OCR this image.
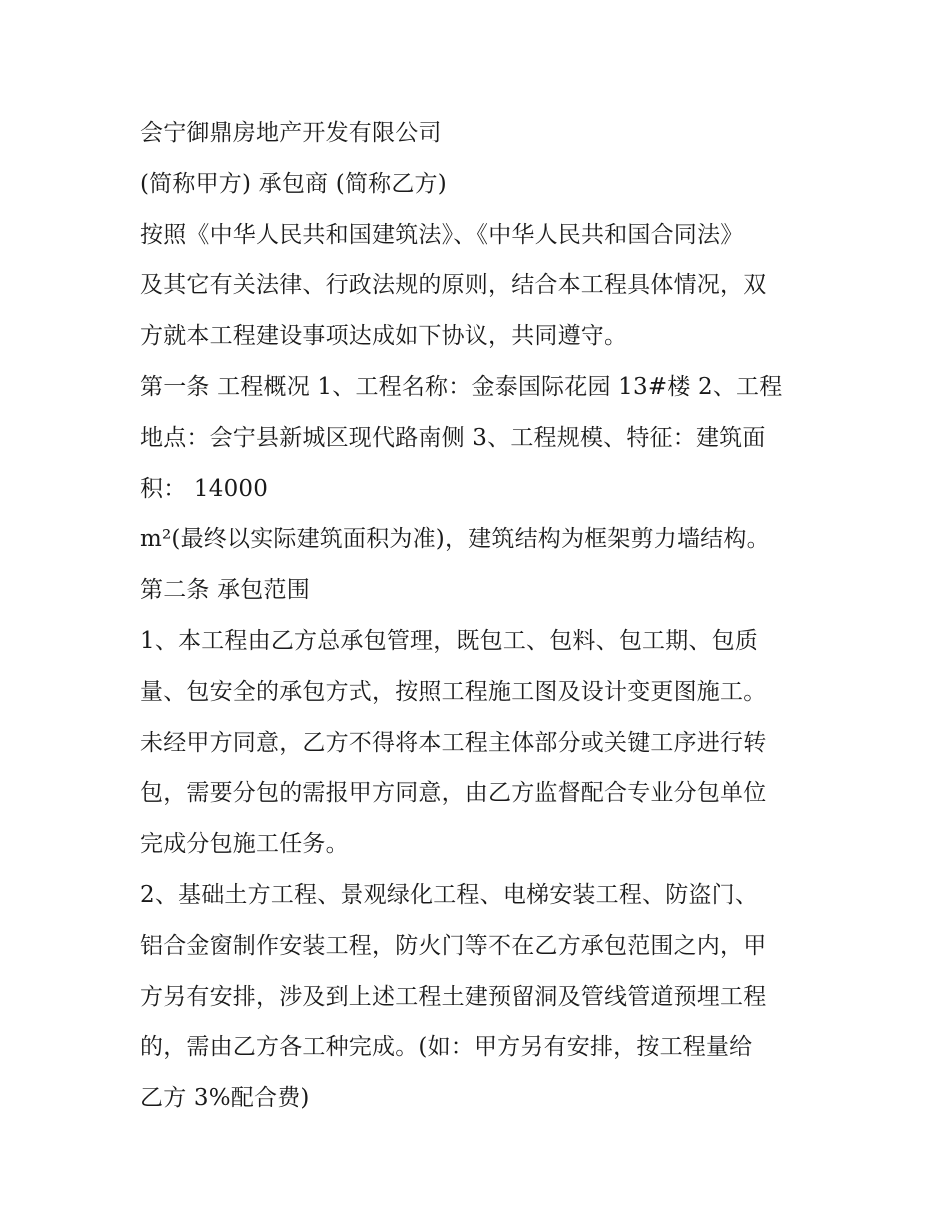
会宁御鼎房地产开发有限公司
(简称甲方) 承包商 (简称乙方)
按照《中华人民共和国建筑法》、《中华人民共和国合同法》
及其它有关法律、行政法规的原则，结合本工程具体情况，双
方就本工程建设事项达成如下协议，共同遵守。
第一条 工程概况 1、工程名称：金泰国际花园 13#楼 2、工程
地点：会宁县新城区现代路南侧 3、工程规模、特征：建筑面
积： 14000
m²(最终以实际建筑面积为准)，建筑结构为框架剪力墙结构。
第二条 承包范围
1、本工程由乙方总承包管理，既包工、包料、包工期、包质
量、包安全的承包方式，按照工程施工图及设计变更图施工。
未经甲方同意，乙方不得将本工程主体部分或关键工序进行转
包，需要分包的需报甲方同意，由乙方监督配合专业分包单位
完成分包施工任务。
2、基础土方工程、景观绿化工程、电梯安装工程、防盗门、
铝合金窗制作安装工程，防火门等不在乙方承包范围之内，甲
方另有安排，涉及到上述工程土建预留洞及管线管道预埋工程
的，需由乙方各工种完成。(如：甲方另有安排，按工程量给
乙方 3%配合费)
